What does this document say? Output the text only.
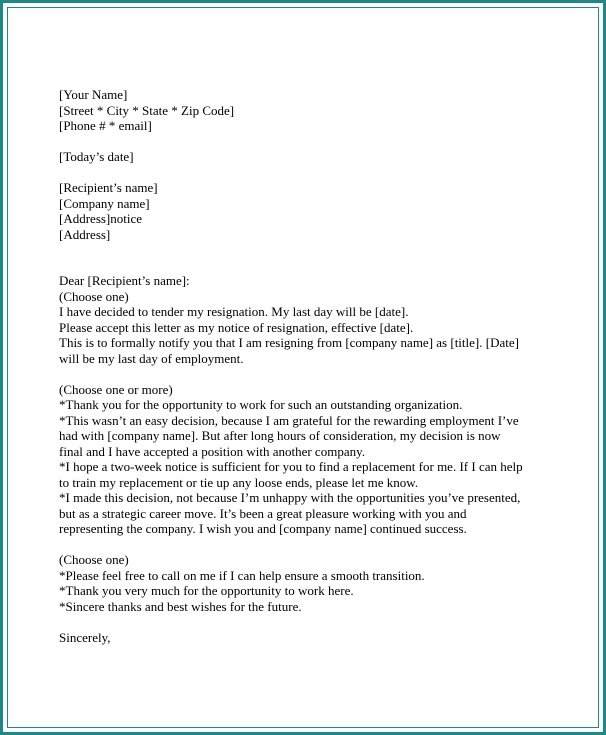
[Your Name]
[Street * City * State * Zip Code]
[Phone # * email]
[Today’s date]
[Recipient’s name]
[Company name]
[Address]notice
[Address]
Dear [Recipient’s name]:
(Choose one)
I have decided to tender my resignation. My last day will be [date].
Please accept this letter as my notice of resignation, effective [date].
This is to formally notify you that I am resigning from [company name] as [title]. [Date]
will be my last day of employment.
(Choose one or more)
*Thank you for the opportunity to work for such an outstanding organization.
*This wasn’t an easy decision, because I am grateful for the rewarding employment I’ve
had with [company name]. But after long hours of consideration, my decision is now
final and I have accepted a position with another company.
*I hope a two-week notice is sufficient for you to find a replacement for me. If I can help
to train my replacement or tie up any loose ends, please let me know.
*I made this decision, not because I’m unhappy with the opportunities you’ve presented,
but as a strategic career move. It’s been a great pleasure working with you and
representing the company. I wish you and [company name] continued success.
(Choose one)
*Please feel free to call on me if I can help ensure a smooth transition.
*Thank you very much for the opportunity to work here.
*Sincere thanks and best wishes for the future.
Sincerely,
